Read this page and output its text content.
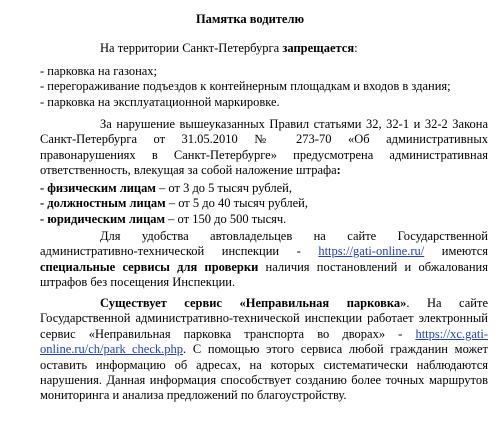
Памятка водителю

На территории Санкт-Петербурга запрещается:

- парковка на газонах;
- перегораживание подъездов к контейнерным площадкам и входов в здания;
- парковка на эксплуатационной маркировке.

За нарушение вышеуказанных Правил статьями 32, 32-1 и 32-2 Закона Санкт-Петербурга от 31.05.2010 № 273-70 «Об административных правонарушениях в Санкт-Петербурге» предусмотрена административная ответственность, влекущая за собой наложение штрафа:

- физическим лицам – от 3 до 5 тысяч рублей,
- должностным лицам – от 5 до 40 тысяч рублей,
- юридическим лицам – от 150 до 500 тысяч.

Для удобства автовладельцев на сайте Государственной административно-технической инспекции - https://gati-online.ru/ имеются специальные сервисы для проверки наличия постановлений и обжалования штрафов без посещения Инспекции.

Существует сервис «Неправильная парковка». На сайте Государственной административно-технической инспекции работает электронный сервис «Неправильная парковка транспорта во дворах» - https://xc.gati-online.ru/ch/park_check.php. С помощью этого сервиса любой гражданин может оставить информацию об адресах, на которых систематически наблюдаются нарушения. Данная информация способствует созданию более точных маршрутов мониторинга и анализа предложений по благоустройству.
